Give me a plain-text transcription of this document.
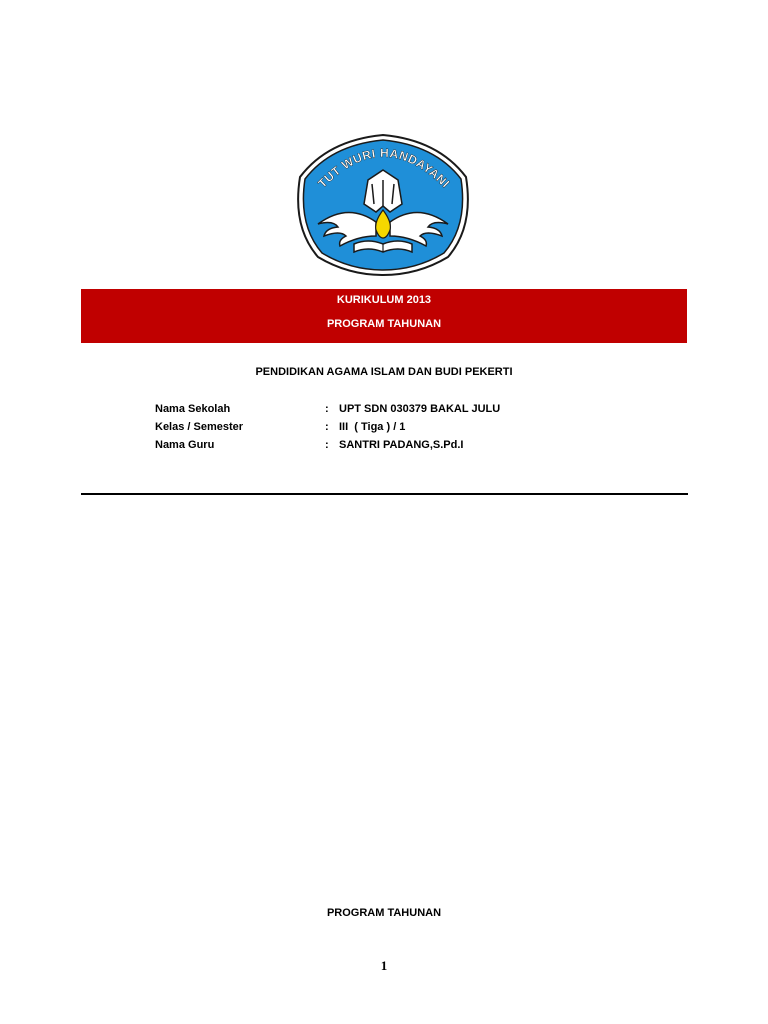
TUT WURI HANDAYANI
KURIKULUM 2013
PROGRAM TAHUNAN
PENDIDIKAN AGAMA ISLAM DAN BUDI PEKERTI
Nama Sekolah	: UPT SDN 030379 BAKAL JULU
Kelas / Semester	: III  ( Tiga ) / 1
Nama Guru	: SANTRI PADANG,S.Pd.I
PROGRAM TAHUNAN
1
